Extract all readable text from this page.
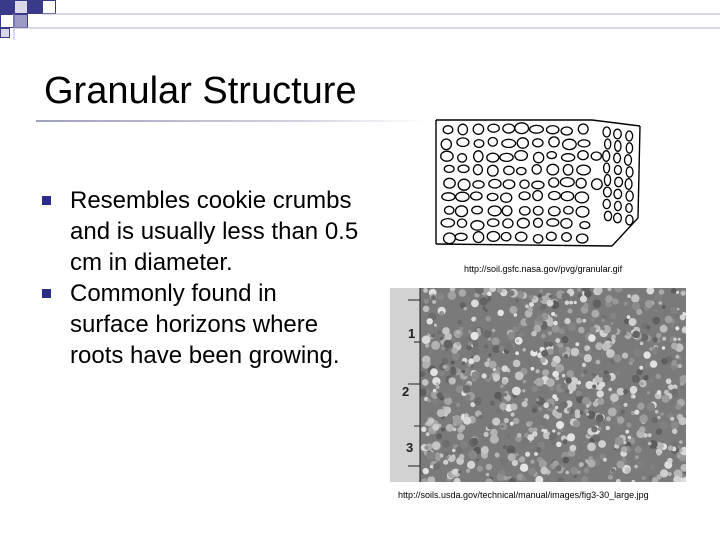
Granular Structure
Resembles cookie crumbs and is usually less than 0.5 cm in diameter.
Commonly found in surface horizons where roots have been growing.
http://soil.gsfc.nasa.gov/pvg/granular.gif
1
2
3
http://soils.usda.gov/technical/manual/images/fig3-30_large.jpg
